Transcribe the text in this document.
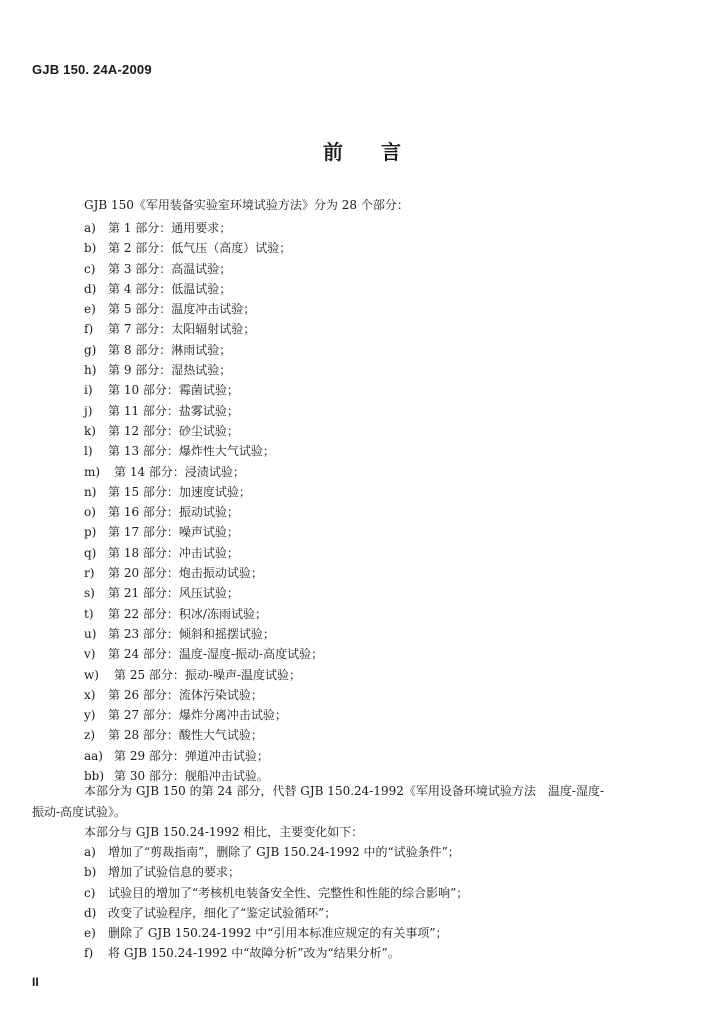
GJB 150. 24A-2009
前 言
GJB 150《军用装备实验室环境试验方法》分为 28 个部分：
a) 第 1 部分：通用要求；
b) 第 2 部分：低气压（高度）试验；
c) 第 3 部分：高温试验；
d) 第 4 部分：低温试验；
e) 第 5 部分：温度冲击试验；
f) 第 7 部分：太阳辐射试验；
g) 第 8 部分：淋雨试验；
h) 第 9 部分：湿热试验；
i) 第 10 部分：霉菌试验；
j) 第 11 部分：盐雾试验；
k) 第 12 部分：砂尘试验；
l) 第 13 部分：爆炸性大气试验；
m) 第 14 部分：浸渍试验；
n) 第 15 部分：加速度试验；
o) 第 16 部分：振动试验；
p) 第 17 部分：噪声试验；
q) 第 18 部分：冲击试验；
r) 第 20 部分：炮击振动试验；
s) 第 21 部分：风压试验；
t) 第 22 部分：积冰/冻雨试验；
u) 第 23 部分：倾斜和摇摆试验；
v) 第 24 部分：温度-湿度-振动-高度试验；
w) 第 25 部分：振动-噪声-温度试验；
x) 第 26 部分：流体污染试验；
y) 第 27 部分：爆炸分离冲击试验；
z) 第 28 部分：酸性大气试验；
aa) 第 29 部分：弹道冲击试验；
bb) 第 30 部分：舰船冲击试验。
本部分为 GJB 150 的第 24 部分，代替 GJB 150.24-1992《军用设备环境试验方法　温度-湿度-
振动-高度试验》。
本部分与 GJB 150.24-1992 相比，主要变化如下：
a) 增加了“剪裁指南”，删除了 GJB 150.24-1992 中的“试验条件”；
b) 增加了试验信息的要求；
c) 试验目的增加了“考核机电装备安全性、完整性和性能的综合影响”；
d) 改变了试验程序，细化了“鉴定试验循环”；
e) 删除了 GJB 150.24-1992 中“引用本标准应规定的有关事项”；
f) 将 GJB 150.24-1992 中“故障分析”改为“结果分析”。
II
